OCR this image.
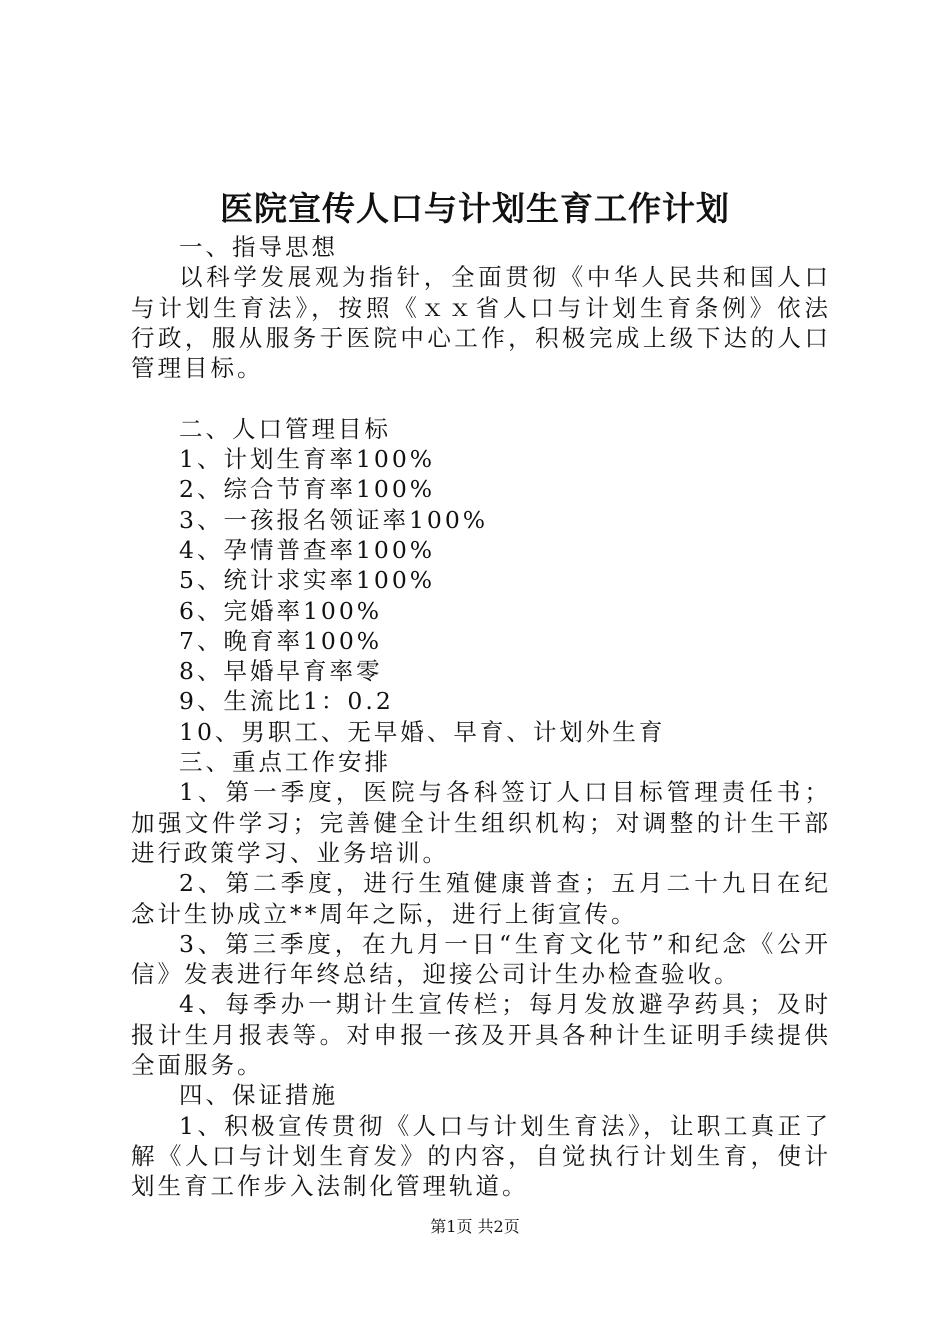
医院宣传人口与计划生育工作计划
一、指导思想
以科学发展观为指针，全面贯彻《中华人民共和国人口与计划生育法》，按照《ｘｘ省人口与计划生育条例》依法行政，服从服务于医院中心工作，积极完成上级下达的人口管理目标。
二、人口管理目标
1、计划生育率100%
2、综合节育率100%
3、一孩报名领证率100%
4、孕情普查率100%
5、统计求实率100%
6、完婚率100%
7、晚育率100%
8、早婚早育率零
9、生流比1：0.2
10、男职工、无早婚、早育、计划外生育
三、重点工作安排
1、第一季度，医院与各科签订人口目标管理责任书；加强文件学习；完善健全计生组织机构；对调整的计生干部进行政策学习、业务培训。
2、第二季度，进行生殖健康普查；五月二十九日在纪念计生协成立**周年之际，进行上街宣传。
3、第三季度，在九月一日“生育文化节”和纪念《公开信》发表进行年终总结，迎接公司计生办检查验收。
4、每季办一期计生宣传栏；每月发放避孕药具；及时报计生月报表等。对申报一孩及开具各种计生证明手续提供全面服务。
四、保证措施
1、积极宣传贯彻《人口与计划生育法》，让职工真正了解《人口与计划生育发》的内容，自觉执行计划生育，使计划生育工作步入法制化管理轨道。
第1页 共2页
